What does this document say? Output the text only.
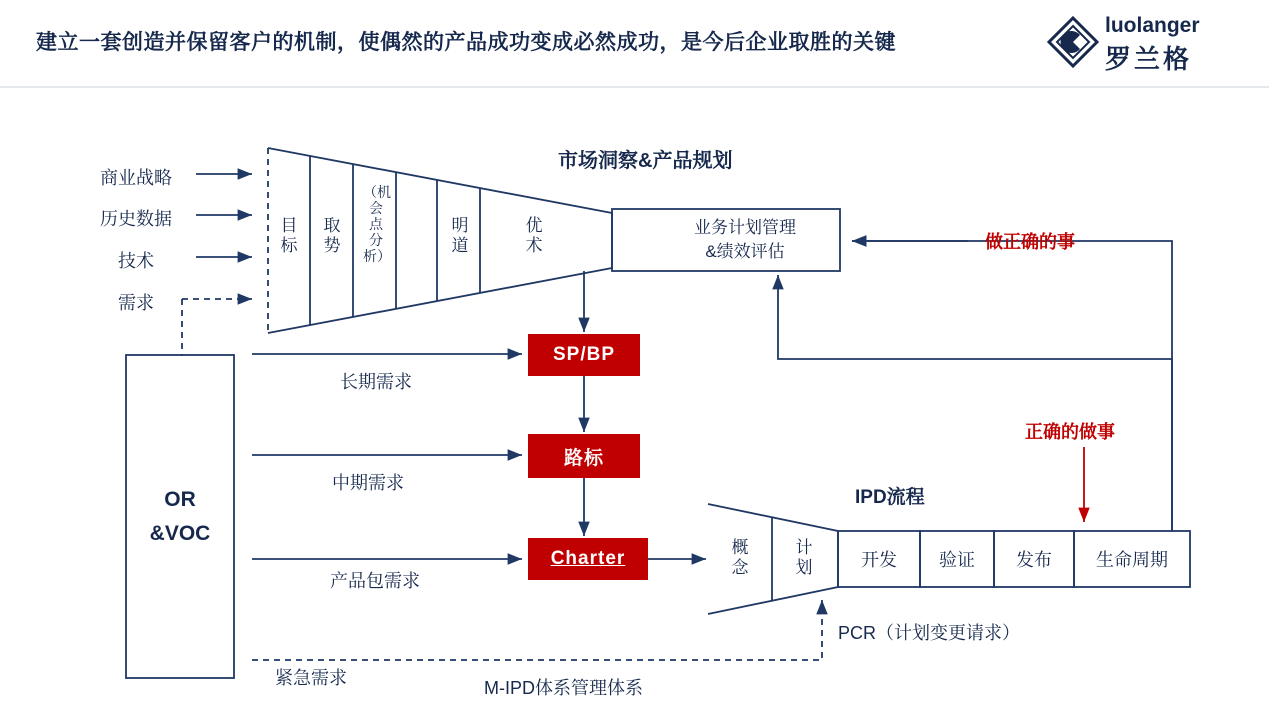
建立一套创造并保留客户的机制，使偶然的产品成功变成必然成功，是今后企业取胜的关键
luolanger
罗兰格
市场洞察&产品规划
IPD流程
M-IPD体系管理体系
商业战略
历史数据
技术
需求
目标
取势
（机会点分析）
明道
优术
业务计划管理
&绩效评估
OR
&VOC
SP/BP
路标
Charter
长期需求
中期需求
产品包需求
紧急需求
概念
计划	开发	验证	发布	生命周期
做正确的事
正确的做事
PCR（计划变更请求）
